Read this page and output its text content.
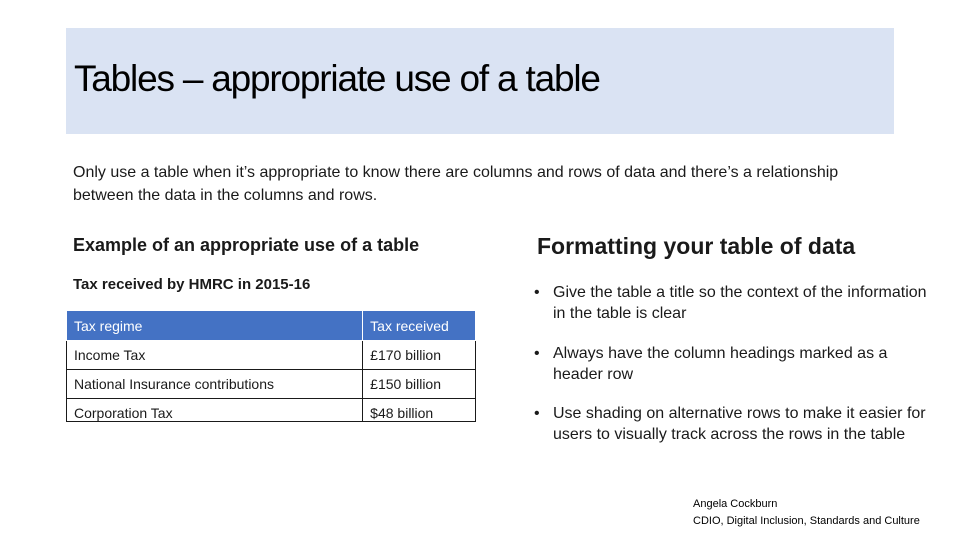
Tables – appropriate use of a table

Only use a table when it’s appropriate to know there are columns and rows of data and there’s a relationship between the data in the columns and rows.

Example of an appropriate use of a table
Tax received by HMRC in 2015-16
Tax regime	Tax received
Income Tax	£170 billion
National Insurance contributions	£150 billion
Corporation Tax	$48 billion
Formatting your table of data
• Give the table a title so the context of the information in the table is clear
• Always have the column headings marked as a header row
• Use shading on alternative rows to make it easier for users to visually track across the rows in the table
Angela Cockburn
CDIO, Digital Inclusion, Standards and Culture
